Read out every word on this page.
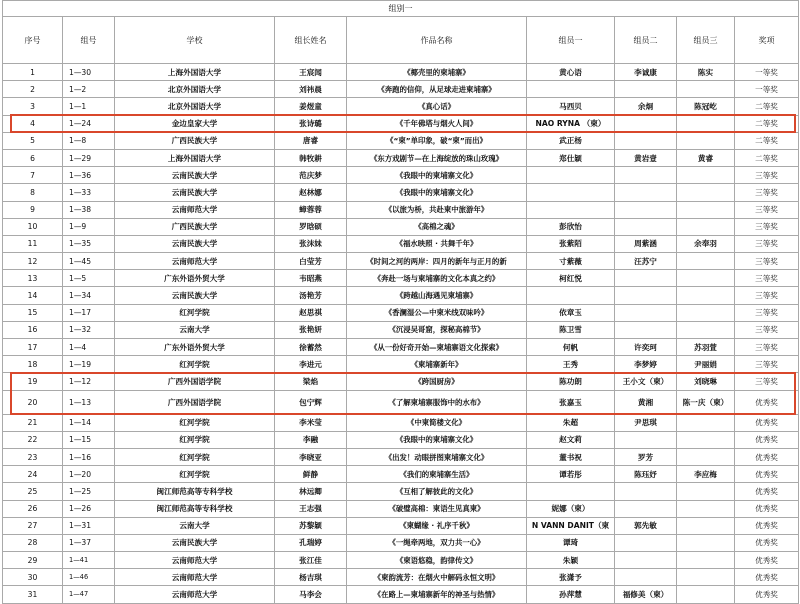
组别一								
序号	组号	学校	组长姓名	作品名称	组员一	组员二	组员三	奖项
1	1—30	上海外国语大学	王宸闻	《椰壳里的柬埔寨》	黄心语	李诚康	陈实	一等奖
2	1—2	北京外国语大学	刘祎晨	《奔跑的信仰，从足球走进柬埔寨》				一等奖
3	1—1	北京外国语大学	姜煜童	《真心话》	马西贝	余炯	陈冠屹	二等奖
4	1—24	金边皇家大学	张诗璐	《千年佛塔与烟火人间》	NAO RYNA （柬）			二等奖
5	1—8	广西民族大学	唐睿	《“柬”单印象，破“柬”而出》	武正杨			二等奖
6	1—29	上海外国语大学	韩牧耕	《东方戏剧节—在上海绽放的珠山玫瑰》	郑仕颖	黄岩壹	黄睿	二等奖
7	1—36	云南民族大学	范庆梦	《我眼中的柬埔寨文化》				三等奖
8	1—33	云南民族大学	赵林娜	《我眼中的柬埔寨文化》				三等奖
9	1—38	云南师范大学	蟑蓉蓉	《以旅为桥，共赴柬中旅游年》				三等奖
10	1—9	广西民族大学	罗晗硕	《高棉之魂》	彭欣怡			三等奖
11	1—35	云南民族大学	张沫妹	《福水映照 · 共舞千年》	张紫陌	周紫涵	余奉羽	三等奖
12	1—45	云南师范大学	白莹芳	《时间之河的两岸：四月的新年与正月的新	寸紫薇	汪苏宁		三等奖
13	1—5	广东外语外贸大学	韦昭燕	《奔赴一场与柬埔寨的文化本真之约》	柯红悦			三等奖
14	1—34	云南民族大学	汤艳芳	《跨越山海遇见柬埔寨》				三等奖
15	1—17	红河学院	赵思祺	《香澜湿公—中柬米线双味吟》	依章玉			三等奖
16	1—32	云南大学	张艳妍	《沉浸吴哥窟，探秘高棉节》	陈卫雪			三等奖
17	1—4	广东外语外贸大学	徐蓄然	《从一份好奇开始—柬埔寨语文化探索》	何帆	许奕珂	苏羽萱	三等奖
18	1—19	红河学院	李进元	《柬埔寨新年》	王秀	李梦婷	尹丽娟	三等奖
19	1—12	广西外国语学院	梁焰	《跨国厨房》	陈功朗	王小文（柬）	刘晓琳	三等奖
20	1—13	广西外国语学院	包宁辉	《了解柬埔寨服饰中的水布》	张嘉玉	黄湘	陈一庆（柬）	优秀奖
21	1—14	红河学院	李米莹	《中柬简楼文化》	朱超	尹思琪		优秀奖
22	1—15	红河学院	李融	《我眼中的柬埔寨文化》	赵文莉			优秀奖
23	1—16	红河学院	李晓亚	《出发！动眼拼图柬埔寨文化》	董书祝	罗芳		优秀奖
24	1—20	红河学院	鲜静	《我们的柬埔寨生活》	谭若彤	陈珏妤	李应梅	优秀奖
25	1—25	闽江师范高等专科学校	林远卿	《互相了解彼此的文化》				优秀奖
26	1—26	闽江师范高等专科学校	王志强	《破璧高棉：柬语生见真柬》	妮娜（柬）			优秀奖
27	1—31	云南大学	苏黎颖	《柬蝴缘 · 礼序千秋》	N VANN DANIT（柬	郭先敏		优秀奖
28	1—37	云南民族大学	孔瑞婷	《一绳牵两地，双力共一心》	谭琦			优秀奖
29	1—41	云南师范大学	张江佳	《柬语悠稳，韵律传文》	朱颖			优秀奖
30	1—46	云南师范大学	杨吉琪	《柬韵流芳：在烟火中解码永恒文明》	张潇予			优秀奖
31	1—47	云南师范大学	马李会	《在路上—柬埔寨新年的神圣与热情》	孙萍慧	福修美（柬）		优秀奖
